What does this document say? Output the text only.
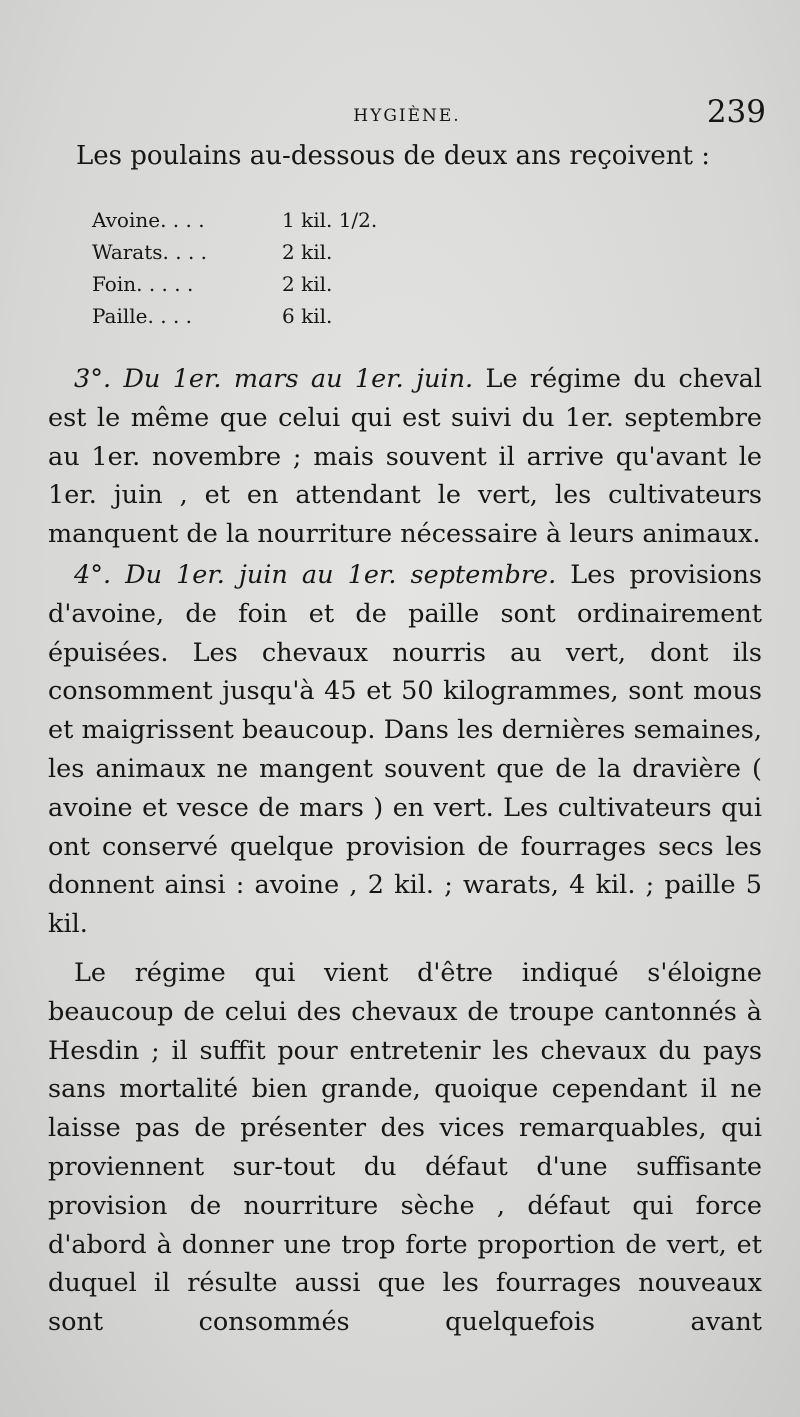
HYGIÈNE.	239
Les poulains au-dessous de deux ans reçoivent :
Avoine. . . .	1 kil. 1/2.
Warats. . . .	2 kil.
Foin. . . . .	2 kil.
Paille. . . .	6 kil.

3°. Du 1er. mars au 1er. juin. Le régime du cheval est le même que celui qui est suivi du 1er. septembre au 1er. novembre ; mais souvent il arrive qu'avant le 1er. juin , et en attendant le vert, les cultivateurs manquent de la nourriture nécessaire à leurs animaux.

4°. Du 1er. juin au 1er. septembre. Les provisions d'avoine, de foin et de paille sont ordinairement épuisées. Les chevaux nourris au vert, dont ils consomment jusqu'à 45 et 50 kilogrammes, sont mous et maigrissent beaucoup. Dans les dernières semaines, les animaux ne mangent souvent que de la dravière ( avoine et vesce de mars ) en vert. Les cultivateurs qui ont conservé quelque provision de fourrages secs les donnent ainsi : avoine , 2 kil. ; warats, 4 kil. ; paille 5 kil.

Le régime qui vient d'être indiqué s'éloigne beaucoup de celui des chevaux de troupe cantonnés à Hesdin ; il suffit pour entretenir les chevaux du pays sans mortalité bien grande, quoique cependant il ne laisse pas de présenter des vices remarquables, qui proviennent sur-tout du défaut d'une suffisante provision de nourriture sèche , défaut qui force d'abord à donner une trop forte proportion de vert, et duquel il résulte aussi que les fourrages nouveaux sont consommés quelquefois avant
